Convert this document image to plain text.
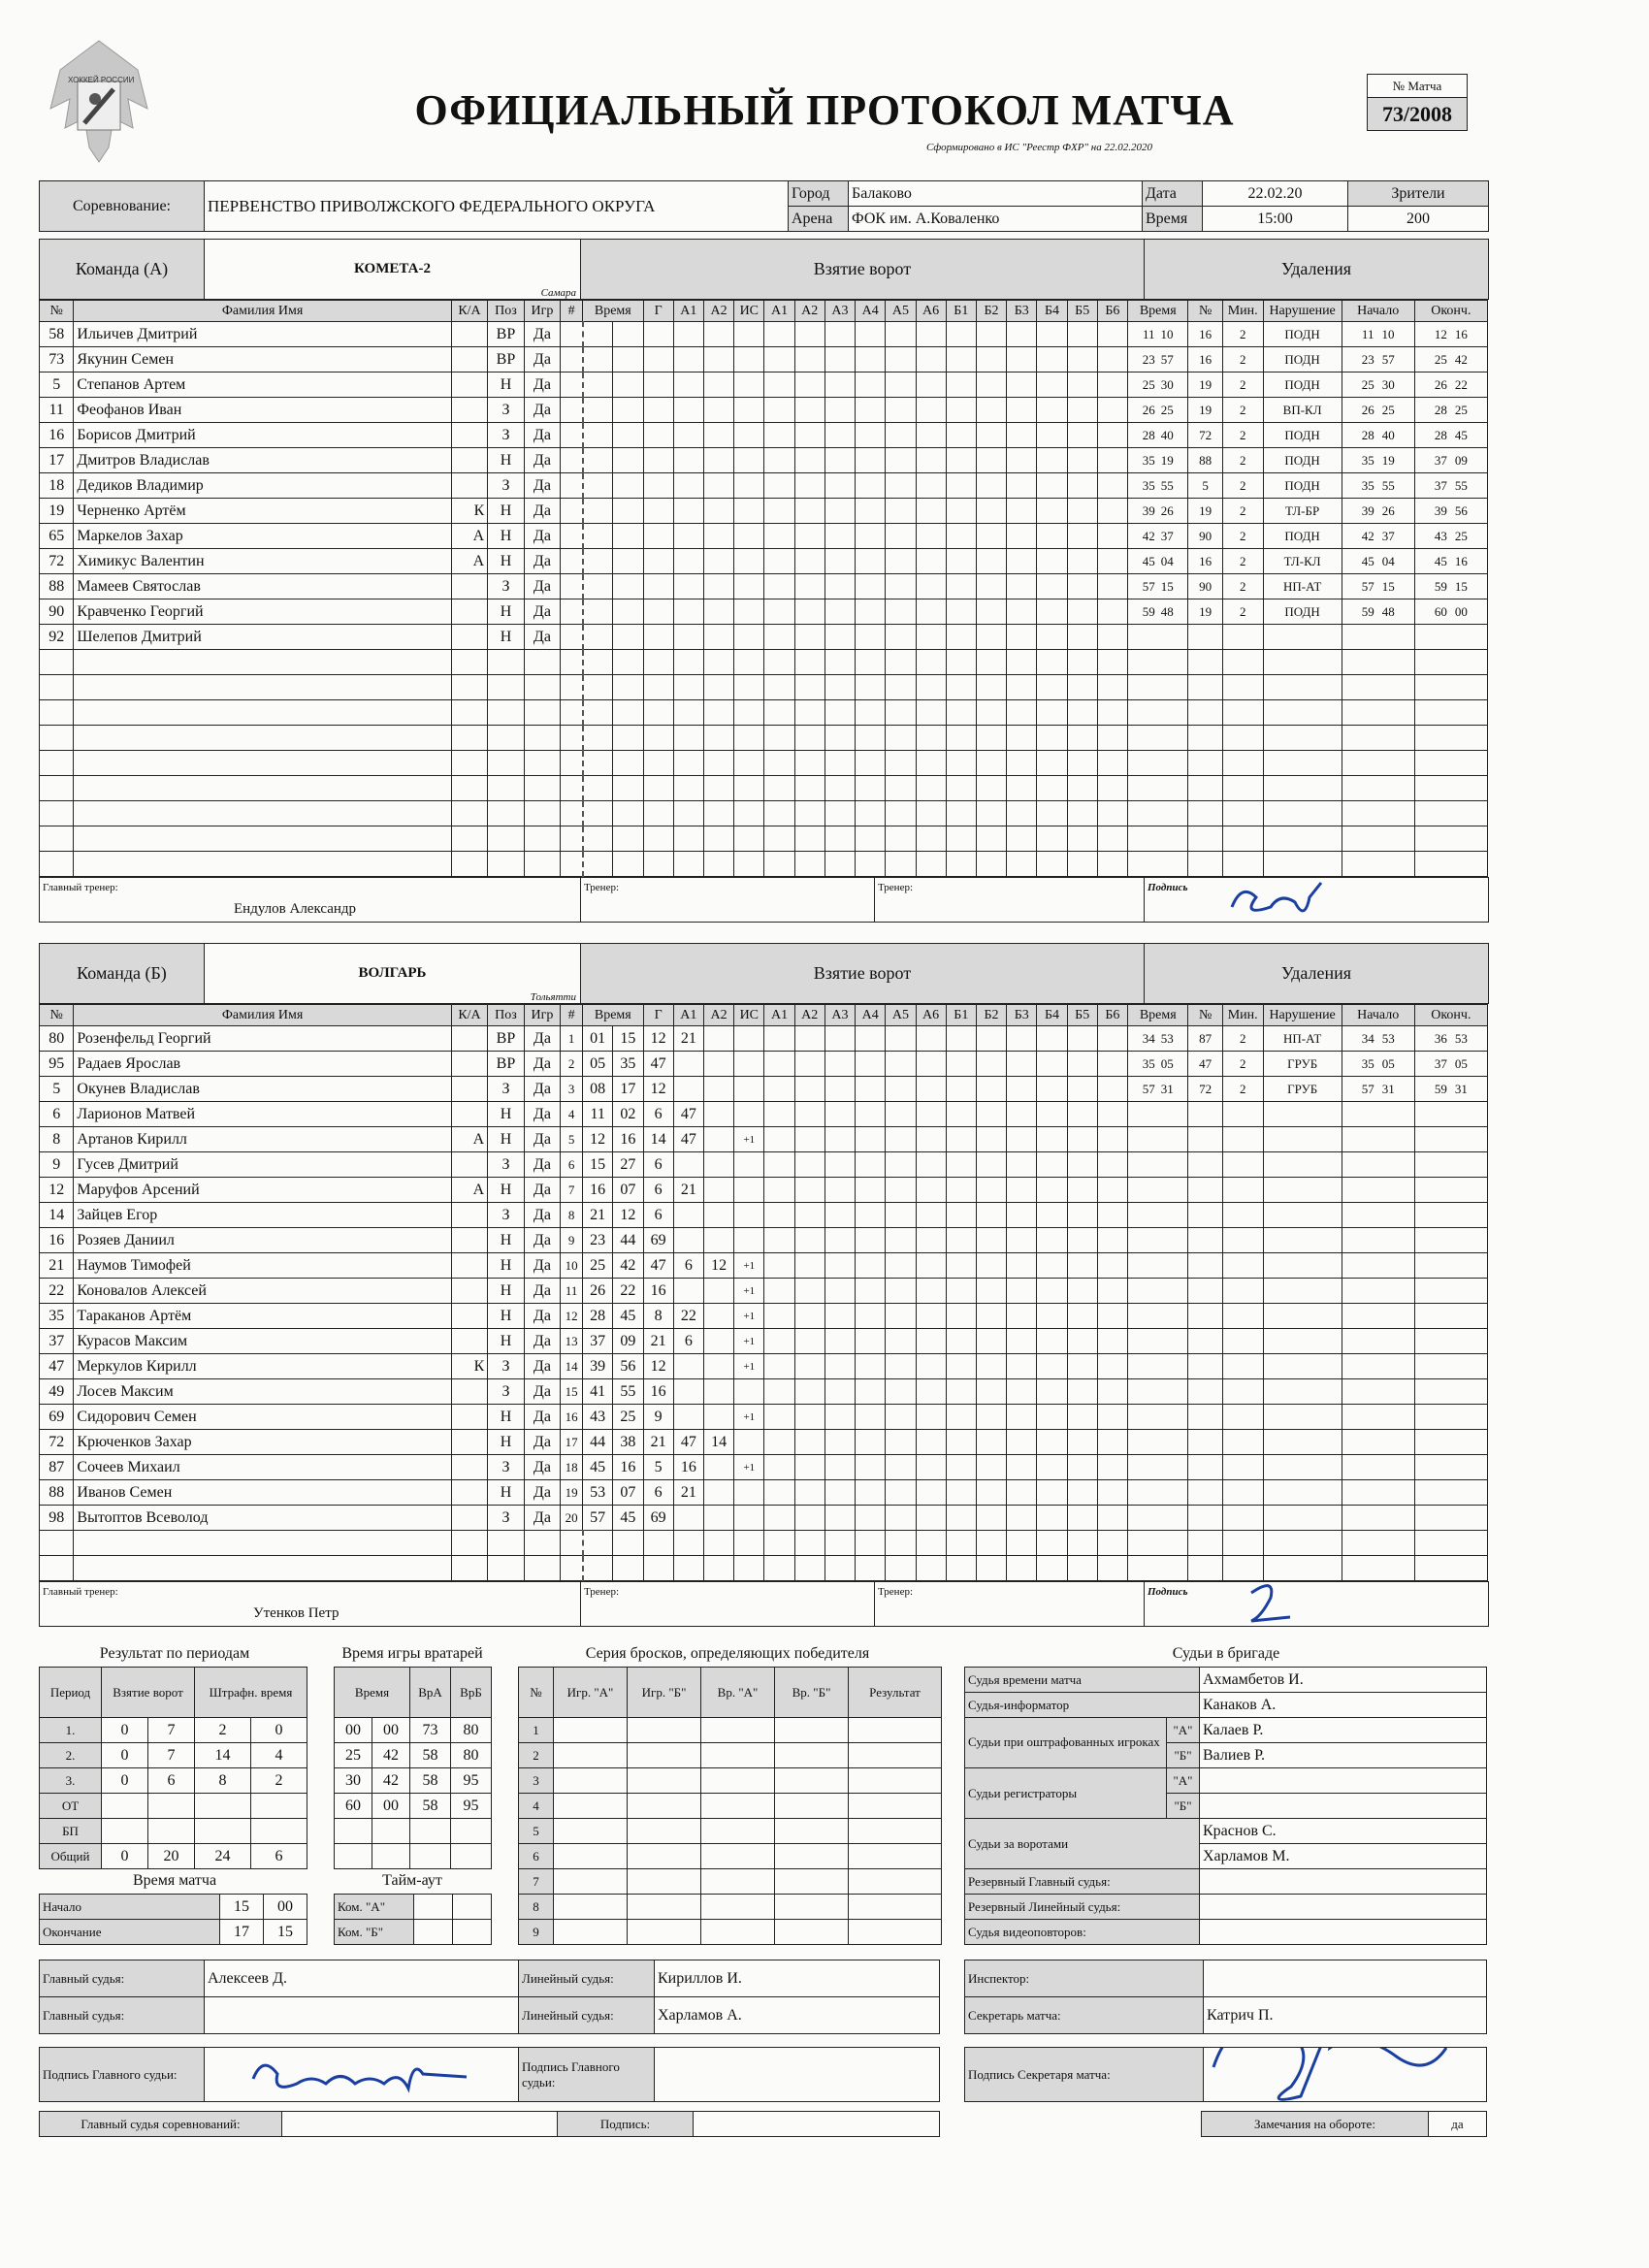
ХОККЕЙ РОССИИ
ОФИЦИАЛЬНЫЙ ПРОТОКОЛ МАТЧА
Сформировано в ИС "Реестр ФХР" на 22.02.2020
№ Матча
73/2008
Соревнование:	ПЕРВЕНСТВО ПРИВОЛЖСКОГО ФЕДЕРАЛЬНОГО ОКРУГА	Город	Балаково	Дата	22.02.20	Зрители
		Арена	ФОК им. А.Коваленко	Время	15:00	200
Команда (А)	КОМЕТА-2
Самара
	Взятие ворот	Удаления
№	Фамилия Имя	К/А	Поз	Игр	#	Время		Г	А1	А2	ИС	А1	А2	А3	А4	А5	А6	Б1	Б2	Б3	Б4	Б5	Б6	Время	№	Мин.	Нарушение	Начало	Оконч.
58	Ильичев Дмитрий		ВР	Да																				11 10	16	2	ПОДН	11 10	12 16
73	Якунин Семен		ВР	Да																				23 57	16	2	ПОДН	23 57	25 42
5	Степанов Артем		Н	Да																				25 30	19	2	ПОДН	25 30	26 22
11	Феофанов Иван		З	Да																				26 25	19	2	ВП-КЛ	26 25	28 25
16	Борисов Дмитрий		З	Да																				28 40	72	2	ПОДН	28 40	28 45
17	Дмитров Владислав		Н	Да																				35 19	88	2	ПОДН	35 19	37 09
18	Дедиков Владимир		З	Да																				35 55	5	2	ПОДН	35 55	37 55
19	Черненко Артём	К	Н	Да																				39 26	19	2	ТЛ-БР	39 26	39 56
65	Маркелов Захар	А	Н	Да																				42 37	90	2	ПОДН	42 37	43 25
72	Химикус Валентин	А	Н	Да																				45 04	16	2	ТЛ-КЛ	45 04	45 16
88	Мамеев Святослав		З	Да																				57 15	90	2	НП-АТ	57 15	59 15
90	Кравченко Георгий		Н	Да																				59 48	19	2	ПОДН	59 48	60 00
92	Шелепов Дмитрий		Н	Да																									

Главный тренер:
Ендулов Александр
	Тренер:	Тренер:	Подпись
Команда (Б)	ВОЛГАРЬ
Тольятти
	Взятие ворот	Удаления
№	Фамилия Имя	К/А	Поз	Игр	#	Время		Г	А1	А2	ИС	А1	А2	А3	А4	А5	А6	Б1	Б2	Б3	Б4	Б5	Б6	Время	№	Мин.	Нарушение	Начало	Оконч.
80	Розенфельд Георгий		ВР	Да	1	01	15	12	21															34 53	87	2	НП-АТ	34 53	36 53
95	Радаев Ярослав		ВР	Да	2	05	35	47																35 05	47	2	ГРУБ	35 05	37 05
5	Окунев Владислав		З	Да	3	08	17	12																57 31	72	2	ГРУБ	57 31	59 31
6	Ларионов Матвей		Н	Да	4	11	02	6	47																				
8	Артанов Кирилл	А	Н	Да	5	12	16	14	47		+1																		
9	Гусев Дмитрий		З	Да	6	15	27	6																					
12	Маруфов Арсений	А	Н	Да	7	16	07	6	21																				
14	Зайцев Егор		З	Да	8	21	12	6																					
16	Розяев Даниил		Н	Да	9	23	44	69																					
21	Наумов Тимофей		Н	Да	10	25	42	47	6	12	+1																		
22	Коновалов Алексей		Н	Да	11	26	22	16			+1																		
35	Тараканов Артём		Н	Да	12	28	45	8	22		+1																		
37	Курасов Максим		Н	Да	13	37	09	21	6		+1																		
47	Меркулов Кирилл	К	З	Да	14	39	56	12			+1																		
49	Лосев Максим		З	Да	15	41	55	16																					
69	Сидорович Семен		Н	Да	16	43	25	9			+1																		
72	Крюченков Захар		Н	Да	17	44	38	21	47	14																			
87	Сочеев Михаил		З	Да	18	45	16	5	16		+1																		
88	Иванов Семен		Н	Да	19	53	07	6	21																				
98	Вытоптов Всеволод		З	Да	20	57	45	69																					

Главный тренер:
Утенков Петр
	Тренер:	Тренер:	Подпись
Результат по периодам
Период	Взятие ворот		Штрафн. время	
1.	0	7	2	0
2.	0	7	14	4
3.	0	6	8	2
ОТ				
БП				
Общий	0	20	24	6
Время игры вратарей
Время		ВрА	ВрБ
00	00	73	80
25	42	58	80
30	42	58	95
60	00	58	95

Время матча
Начало	15	00
Окончание	17	15
Тайм-аут
Ком. "А"		
Ком. "Б"		
Серия бросков, определяющих победителя
№	Игр. "А"	Игр. "Б"	Вр. "А"	Вр. "Б"	Результат
1					
2					
3					
4					
5					
6					
7					
8					
9					
Судьи в бригаде
Судья времени матча		Ахмамбетов И.
Судья-информатор		Канаков А.
Судьи при оштрафованных игроках	"А"	Калаев Р.
	"Б"	Валиев Р.
Судьи регистраторы	"А"	
	"Б"	
Судьи за воротами		Краснов С.
		Харламов М.
Резервный Главный судья:		
Резервный Линейный судья:		
Судья видеоповторов:		
Главный судья:	Алексеев Д.	Линейный судья:	Кириллов И.
Главный судья:		Линейный судья:	Харламов А.
Инспектор:	
Секретарь матча:	Катрич П.
Подпись Главного судьи:	
	Подпись Главного судьи:	
Подпись Секретаря матча:	
Главный судья соревнований:		Подпись:		Замечания на обороте:	да
